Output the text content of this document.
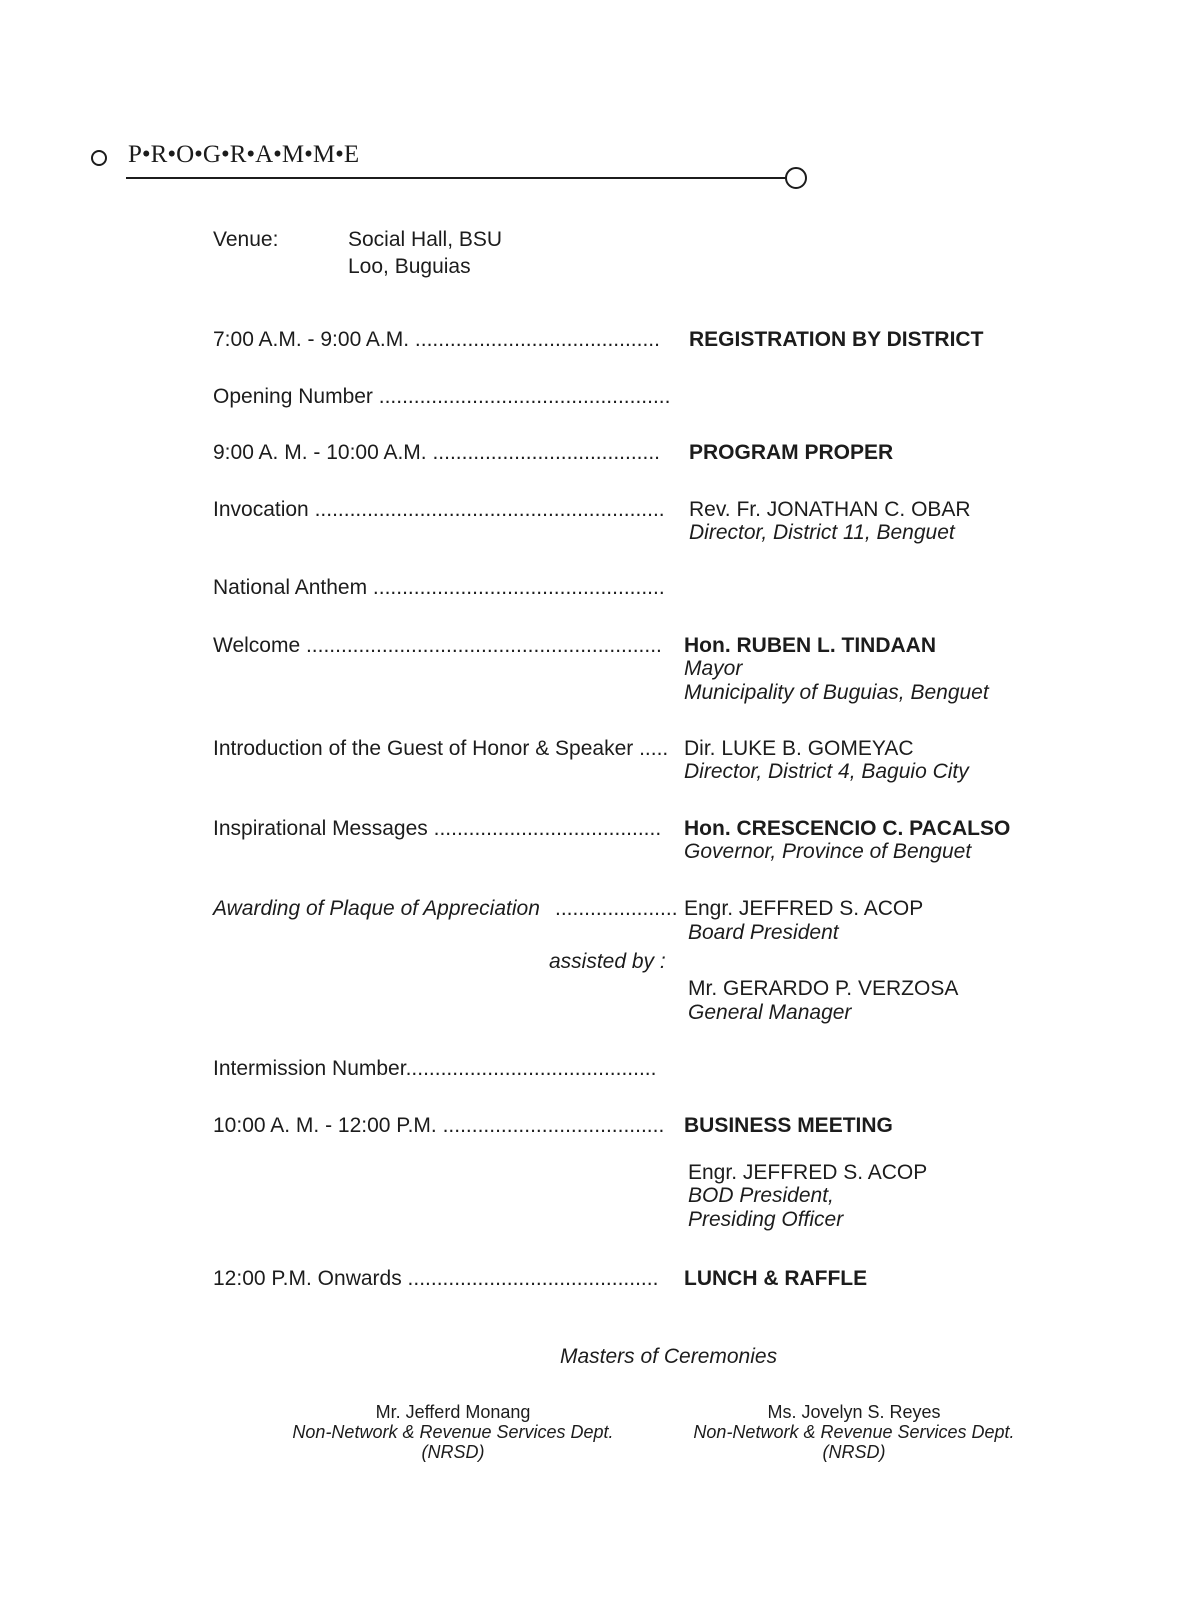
P•R•O•G•R•A•M•M•E
Venue:	Social Hall, BSU
Loo, Buguias
7:00 A.M. - 9:00 A.M. .......................................... REGISTRATION BY DISTRICT
Opening Number ..................................................
9:00 A. M. - 10:00 A.M. ....................................... PROGRAM PROPER
Invocation ............................................................ Rev. Fr. JONATHAN C. OBAR
Director, District 11, Benguet
National Anthem ..................................................
Welcome ............................................................. Hon. RUBEN L. TINDAAN
Mayor
Municipality of Buguias, Benguet
Introduction of the Guest of Honor & Speaker ..... Dir. LUKE B. GOMEYAC
Director, District 4, Baguio City
Inspirational Messages ....................................... Hon. CRESCENCIO C. PACALSO
Governor, Province of Benguet
Awarding of Plaque of Appreciation ..................... Engr. JEFFRED S. ACOP
Board President
assisted by :
Mr. GERARDO P. VERZOSA
General Manager
Intermission Number...........................................
10:00 A. M. - 12:00 P.M. ...................................... BUSINESS MEETING
Engr. JEFFRED S. ACOP
BOD President,
Presiding Officer
12:00 P.M. Onwards ........................................... LUNCH & RAFFLE
Masters of Ceremonies
Mr. Jefferd Monang
Non-Network & Revenue Services Dept.
(NRSD)
Ms. Jovelyn S. Reyes
Non-Network & Revenue Services Dept.
(NRSD)
